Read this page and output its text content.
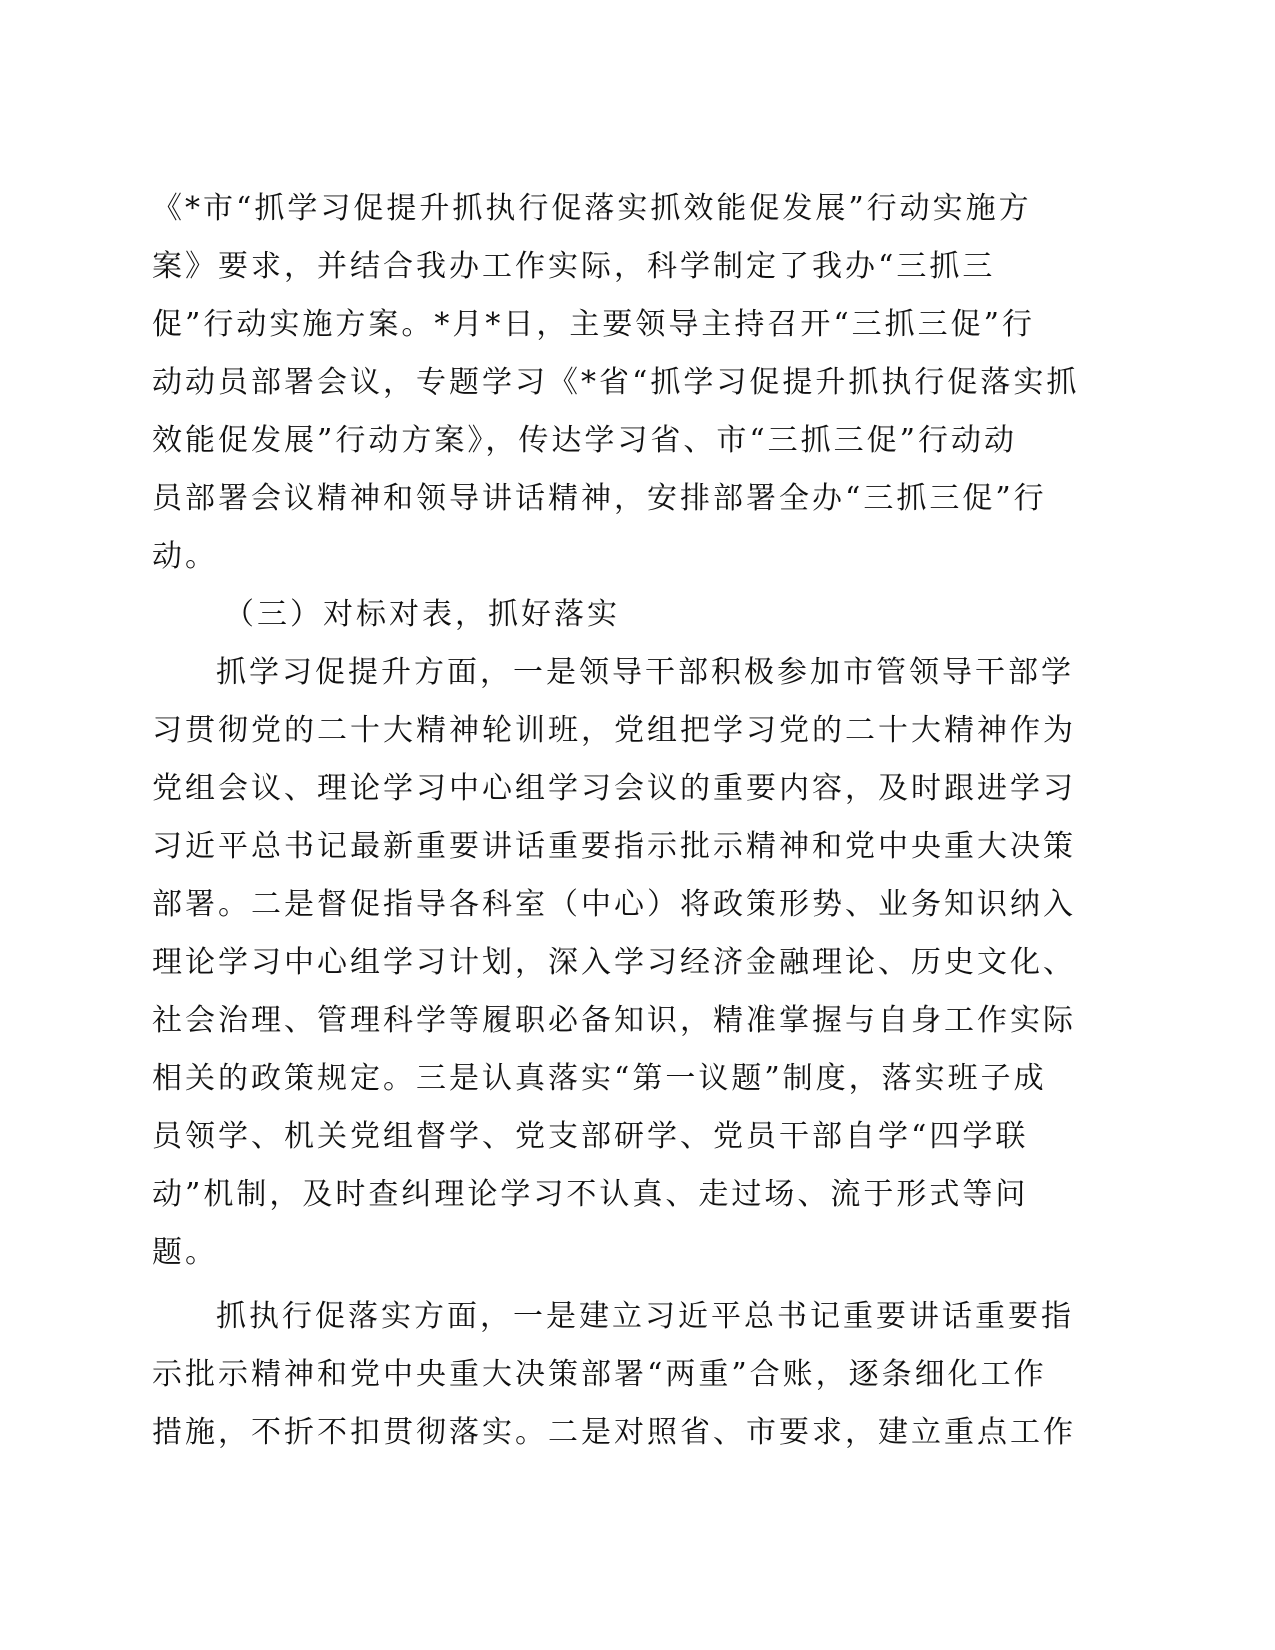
《*市“抓学习促提升抓执行促落实抓效能促发展”行动实施方
案》要求，并结合我办工作实际，科学制定了我办“三抓三
促”行动实施方案。*月*日，主要领导主持召开“三抓三促”行
动动员部署会议，专题学习《*省“抓学习促提升抓执行促落实抓
效能促发展”行动方案》，传达学习省、市“三抓三促”行动动
员部署会议精神和领导讲话精神，安排部署全办“三抓三促”行
动。
（三）对标对表，抓好落实
抓学习促提升方面，一是领导干部积极参加市管领导干部学
习贯彻党的二十大精神轮训班，党组把学习党的二十大精神作为
党组会议、理论学习中心组学习会议的重要内容，及时跟进学习
习近平总书记最新重要讲话重要指示批示精神和党中央重大决策
部署。二是督促指导各科室（中心）将政策形势、业务知识纳入
理论学习中心组学习计划，深入学习经济金融理论、历史文化、
社会治理、管理科学等履职必备知识，精准掌握与自身工作实际
相关的政策规定。三是认真落实“第一议题”制度，落实班子成
员领学、机关党组督学、党支部研学、党员干部自学“四学联
动”机制，及时查纠理论学习不认真、走过场、流于形式等问
题。
抓执行促落实方面，一是建立习近平总书记重要讲话重要指
示批示精神和党中央重大决策部署“两重”合账，逐条细化工作
措施，不折不扣贯彻落实。二是对照省、市要求，建立重点工作
